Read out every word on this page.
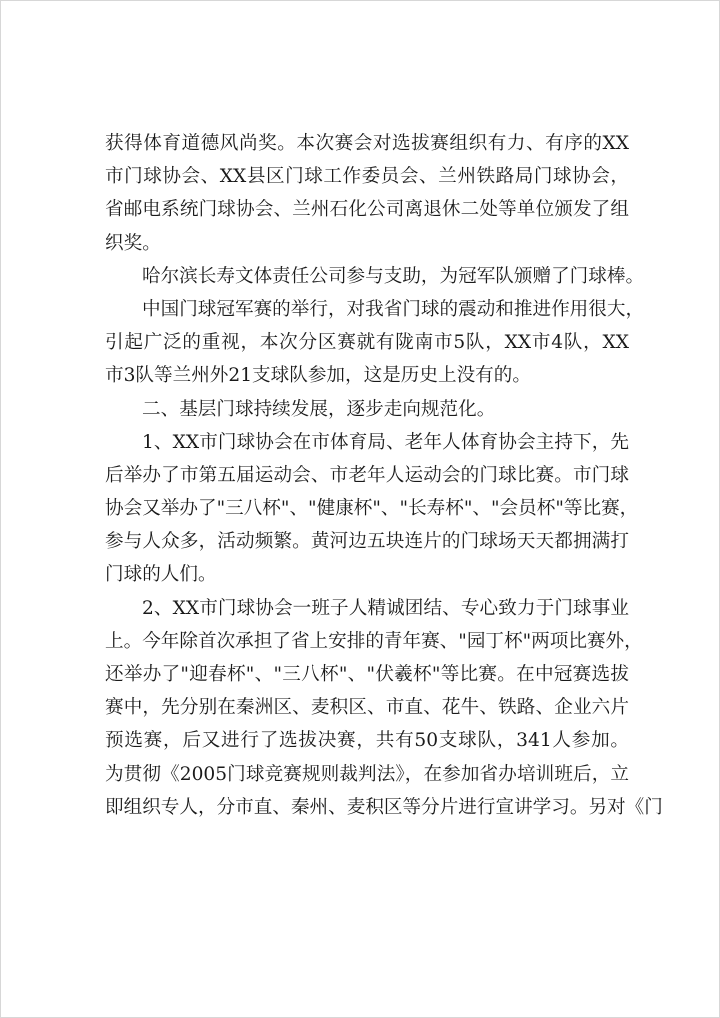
获得体育道德风尚奖。本次赛会对选拔赛组织有力、有序的XX
市门球协会、XX县区门球工作委员会、兰州铁路局门球协会，
省邮电系统门球协会、兰州石化公司离退休二处等单位颁发了组
织奖。
哈尔滨长寿文体责任公司参与支助，为冠军队颁赠了门球棒。
中国门球冠军赛的举行，对我省门球的震动和推进作用很大，
引起广泛的重视，本次分区赛就有陇南市5队，XX市4队，XX
市3队等兰州外21支球队参加，这是历史上没有的。
二、基层门球持续发展，逐步走向规范化。
1、XX市门球协会在市体育局、老年人体育协会主持下，先
后举办了市第五届运动会、市老年人运动会的门球比赛。市门球
协会又举办了"三八杯"、"健康杯"、"长寿杯"、"会员杯"等比赛，
参与人众多，活动频繁。黄河边五块连片的门球场天天都拥满打
门球的人们。
2、XX市门球协会一班子人精诚团结、专心致力于门球事业
上。今年除首次承担了省上安排的青年赛、"园丁杯"两项比赛外，
还举办了"迎春杯"、"三八杯"、"伏羲杯"等比赛。在中冠赛选拔
赛中，先分别在秦洲区、麦积区、市直、花牛、铁路、企业六片
预选赛，后又进行了选拔决赛，共有50支球队，341人参加。
为贯彻《2005门球竞赛规则裁判法》，在参加省办培训班后，立
即组织专人，分市直、秦州、麦积区等分片进行宣讲学习。另对《门
